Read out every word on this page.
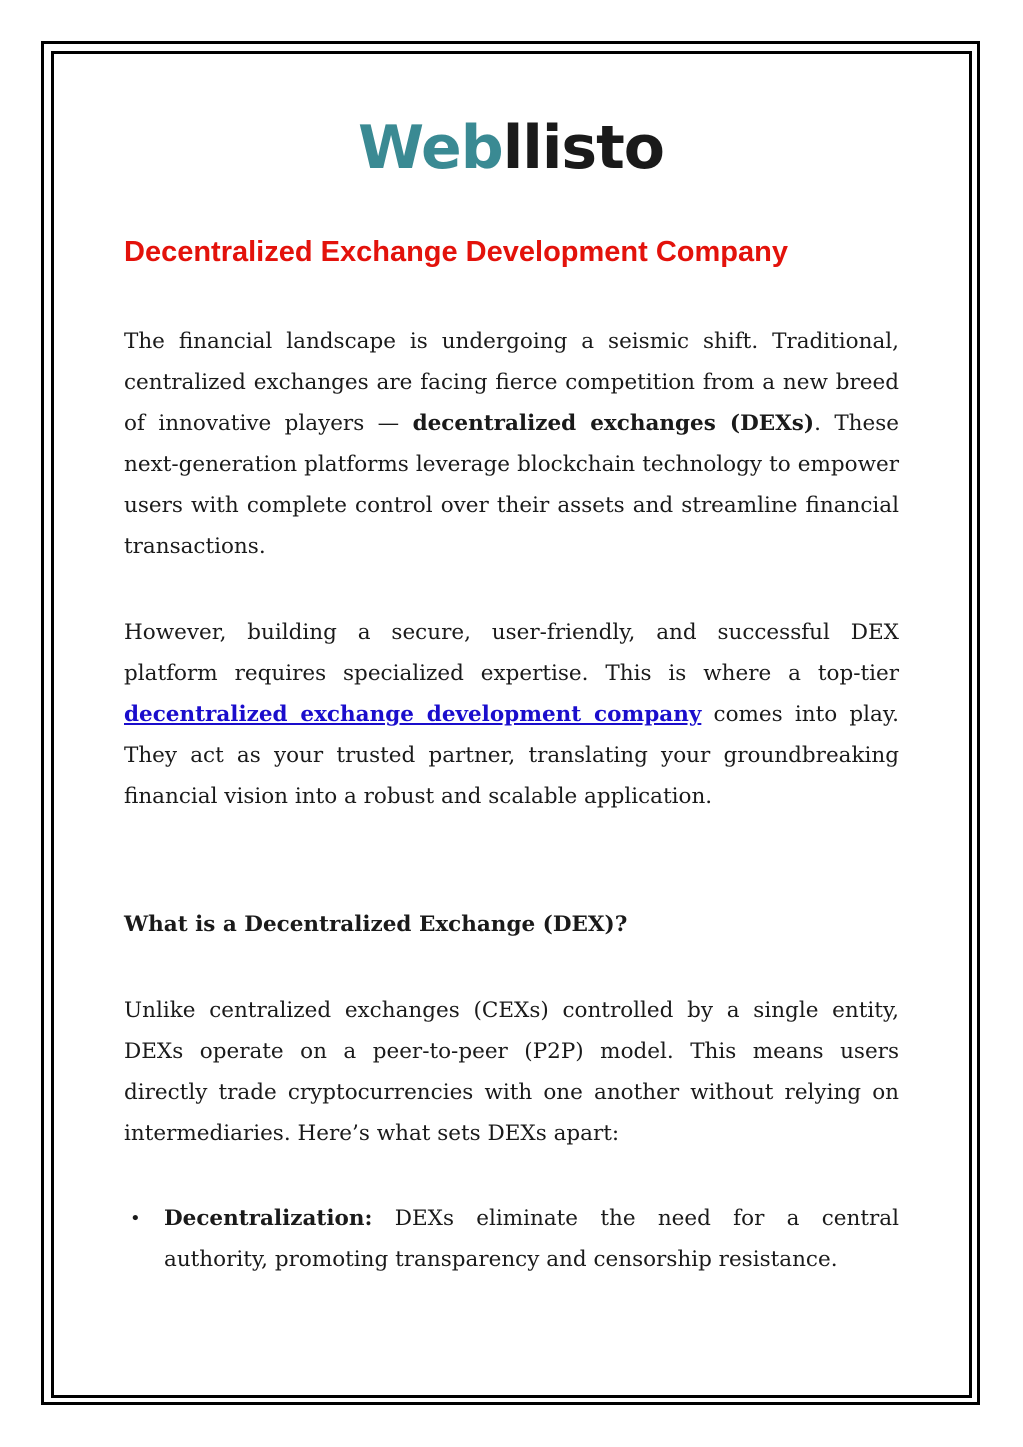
Webllisto
Decentralized Exchange Development Company

The financial landscape is undergoing a seismic shift. Traditional, centralized exchanges are facing fierce competition from a new breed of innovative players — decentralized exchanges (DEXs). These next-generation platforms leverage blockchain technology to empower users with complete control over their assets and streamline financial transactions.

However, building a secure, user-friendly, and successful DEX platform requires specialized expertise. This is where a top-tier decentralized exchange development company comes into play. They act as your trusted partner, translating your groundbreaking financial vision into a robust and scalable application.

What is a Decentralized Exchange (DEX)?

Unlike centralized exchanges (CEXs) controlled by a single entity, DEXs operate on a peer-to-peer (P2P) model. This means users directly trade cryptocurrencies with one another without relying on intermediaries. Here’s what sets DEXs apart:

• Decentralization: DEXs eliminate the need for a central authority, promoting transparency and censorship resistance.
